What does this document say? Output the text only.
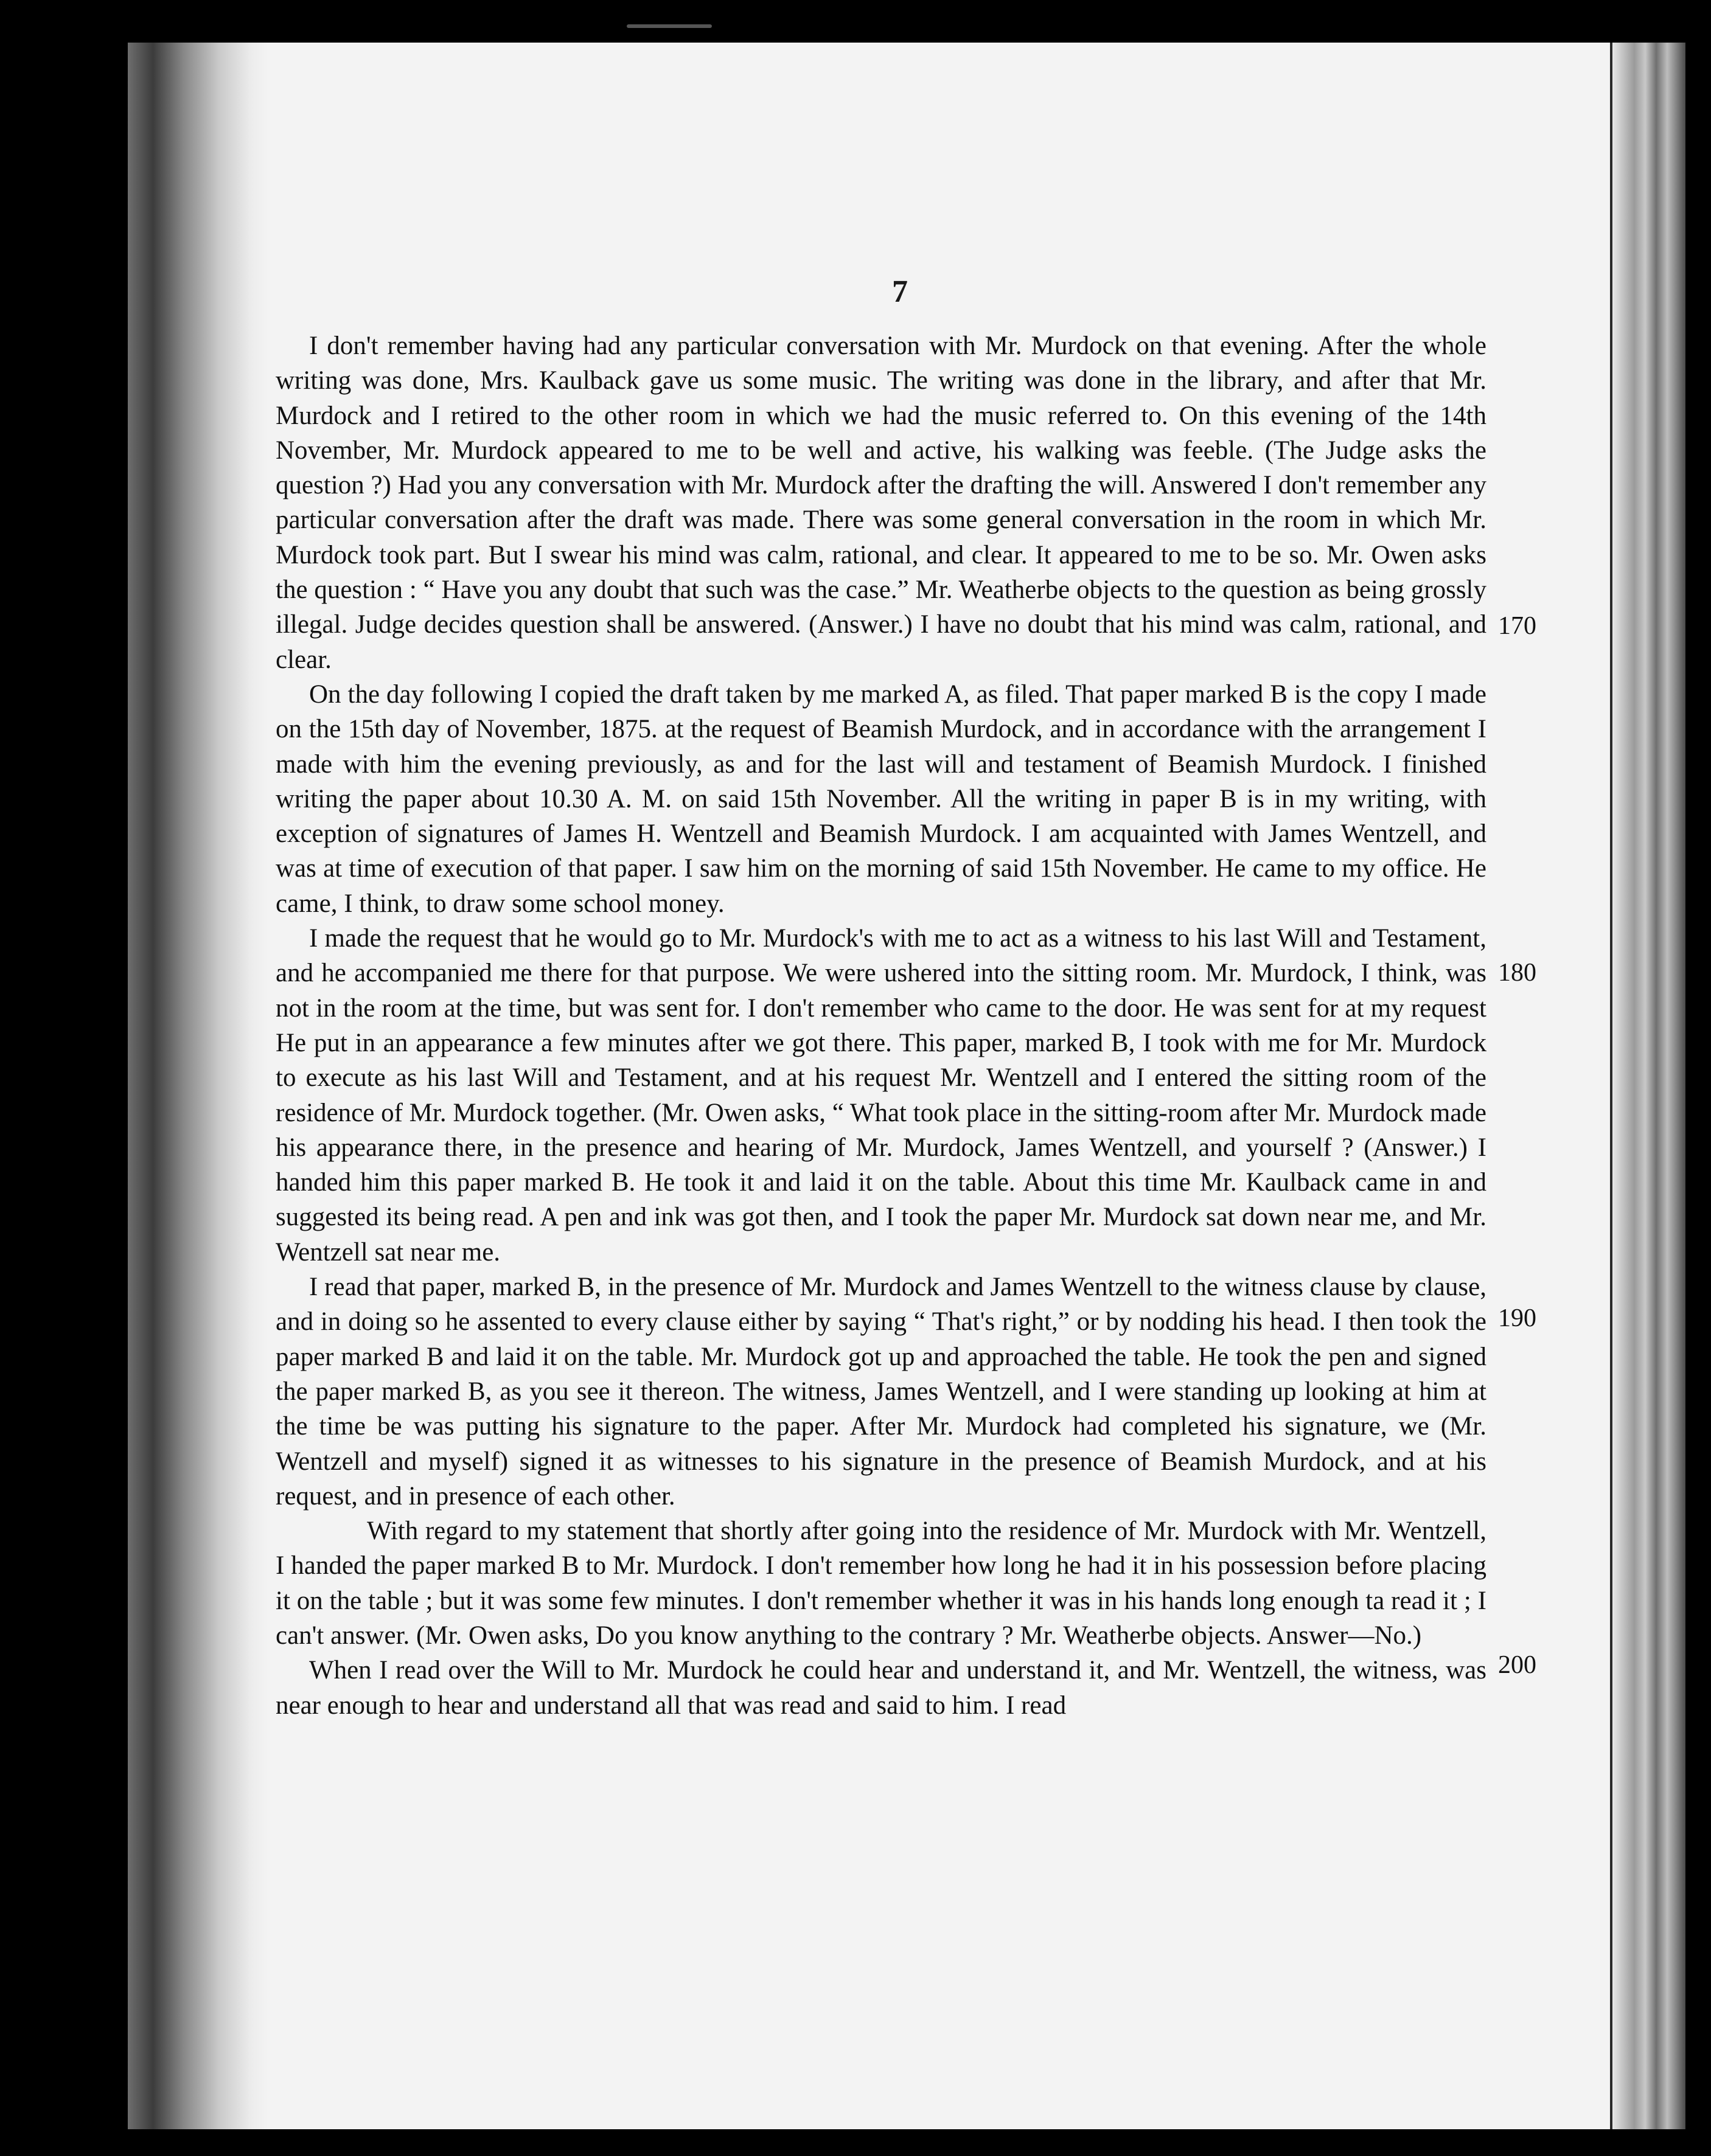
7

I don't remember having had any particular conversation with Mr. Murdock on that evening. After the whole writing was done, Mrs. Kaulback gave us some music. The writing was done in the library, and after that Mr. Murdock and I retired to the other room in which we had the music referred to. On this evening of the 14th November, Mr. Murdock appeared to me to be well and active, his walking was feeble. (The Judge asks the question ?) Had you any conversation with Mr. Murdock after the drafting the will. Answered I don't remember any particular conversation after the draft was made. There was some general conversation in the room in which Mr. Murdock took part. But I swear his mind was calm, rational, and clear. It appeared to me to be so. Mr. Owen asks the question : “ Have you any doubt that such was the case.” Mr. Weatherbe objects to the question as being grossly illegal. Judge decides question shall be answered. (Answer.) I have no doubt that his mind was calm, rational, and clear.

On the day following I copied the draft taken by me marked A, as filed. That paper marked B is the copy I made on the 15th day of November, 1875. at the request of Beamish Murdock, and in accordance with the arrangement I made with him the evening previously, as and for the last will and testament of Beamish Murdock. I finished writing the paper about 10.30 A. M. on said 15th November. All the writing in paper B is in my writing, with exception of signatures of James H. Wentzell and Beamish Murdock. I am acquainted with James Wentzell, and was at time of execution of that paper. I saw him on the morning of said 15th November. He came to my office. He came, I think, to draw some school money.

I made the request that he would go to Mr. Murdock's with me to act as a witness to his last Will and Testament, and he accompanied me there for that purpose. We were ushered into the sitting room. Mr. Murdock, I think, was not in the room at the time, but was sent for. I don't remember who came to the door. He was sent for at my request He put in an appearance a few minutes after we got there. This paper, marked B, I took with me for Mr. Murdock to execute as his last Will and Testament, and at his request Mr. Wentzell and I entered the sitting room of the residence of Mr. Murdock together. (Mr. Owen asks, “ What took place in the sitting-room after Mr. Murdock made his appearance there, in the presence and hearing of Mr. Murdock, James Wentzell, and yourself ? (Answer.) I handed him this paper marked B. He took it and laid it on the table. About this time Mr. Kaulback came in and suggested its being read. A pen and ink was got then, and I took the paper Mr. Murdock sat down near me, and Mr. Wentzell sat near me.

I read that paper, marked B, in the presence of Mr. Murdock and James Wentzell to the witness clause by clause, and in doing so he assented to every clause either by saying “ That's right,” or by nodding his head. I then took the paper marked B and laid it on the table. Mr. Murdock got up and approached the table. He took the pen and signed the paper marked B, as you see it thereon. The witness, James Wentzell, and I were standing up looking at him at the time be was putting his signature to the paper. After Mr. Murdock had completed his signature, we (Mr. Wentzell and myself) signed it as witnesses to his signature in the presence of Beamish Murdock, and at his request, and in presence of each other.

With regard to my statement that shortly after going into the residence of Mr. Murdock with Mr. Wentzell, I handed the paper marked B to Mr. Murdock. I don't remember how long he had it in his possession before placing it on the table ; but it was some few minutes. I don't remember whether it was in his hands long enough ta read it ; I can't answer. (Mr. Owen asks, Do you know anything to the contrary ? Mr. Weatherbe objects. Answer—No.)

When I read over the Will to Mr. Murdock he could hear and understand it, and Mr. Wentzell, the witness, was near enough to hear and understand all that was read and said to him. I read

170

180

190

200
